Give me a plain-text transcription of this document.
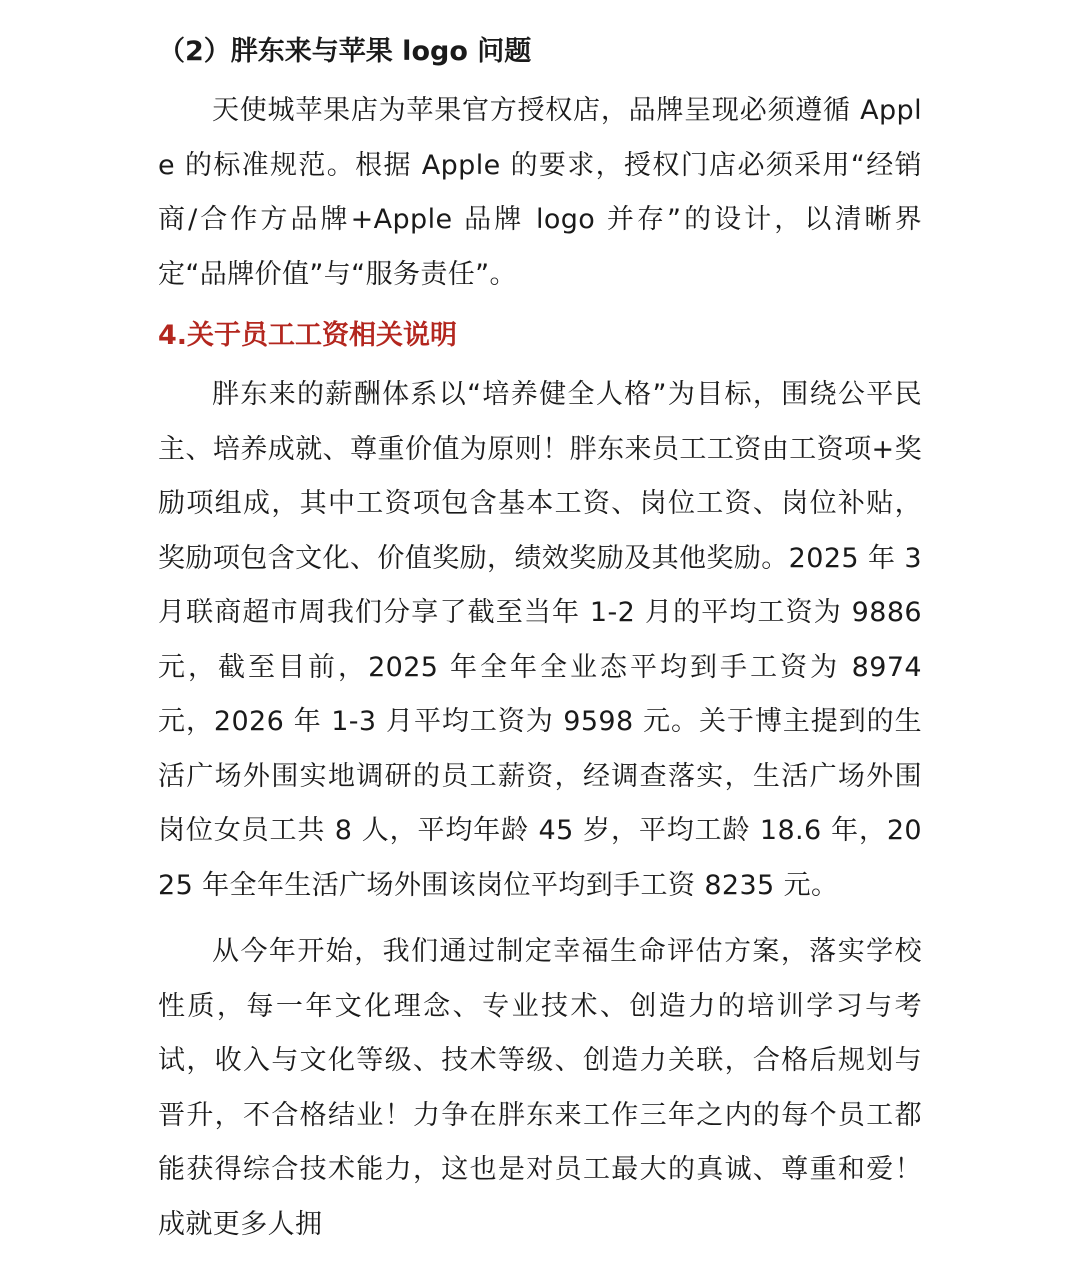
（2）胖东来与苹果 logo 问题

天使城苹果店为苹果官方授权店，品牌呈现必须遵循 Apple 的标准规范。根据 Apple 的要求，授权门店必须采用“经销商/合作方品牌+Apple 品牌 logo 并存”的设计，以清晰界定“品牌价值”与“服务责任”。

4.关于员工工资相关说明

胖东来的薪酬体系以“培养健全人格”为目标，围绕公平民主、培养成就、尊重价值为原则！胖东来员工工资由工资项+奖励项组成，其中工资项包含基本工资、岗位工资、岗位补贴，奖励项包含文化、价值奖励，绩效奖励及其他奖励。2025 年 3 月联商超市周我们分享了截至当年 1-2 月的平均工资为 9886 元，截至目前，2025 年全年全业态平均到手工资为 8974 元，2026 年 1-3 月平均工资为 9598 元。关于博主提到的生活广场外围实地调研的员工薪资，经调查落实，生活广场外围岗位女员工共 8 人，平均年龄 45 岁，平均工龄 18.6 年，2025 年全年生活广场外围该岗位平均到手工资 8235 元。

从今年开始，我们通过制定幸福生命评估方案，落实学校性质，每一年文化理念、专业技术、创造力的培训学习与考试，收入与文化等级、技术等级、创造力关联，合格后规划与晋升，不合格结业！力争在胖东来工作三年之内的每个员工都能获得综合技术能力，这也是对员工最大的真诚、尊重和爱！成就更多人拥
